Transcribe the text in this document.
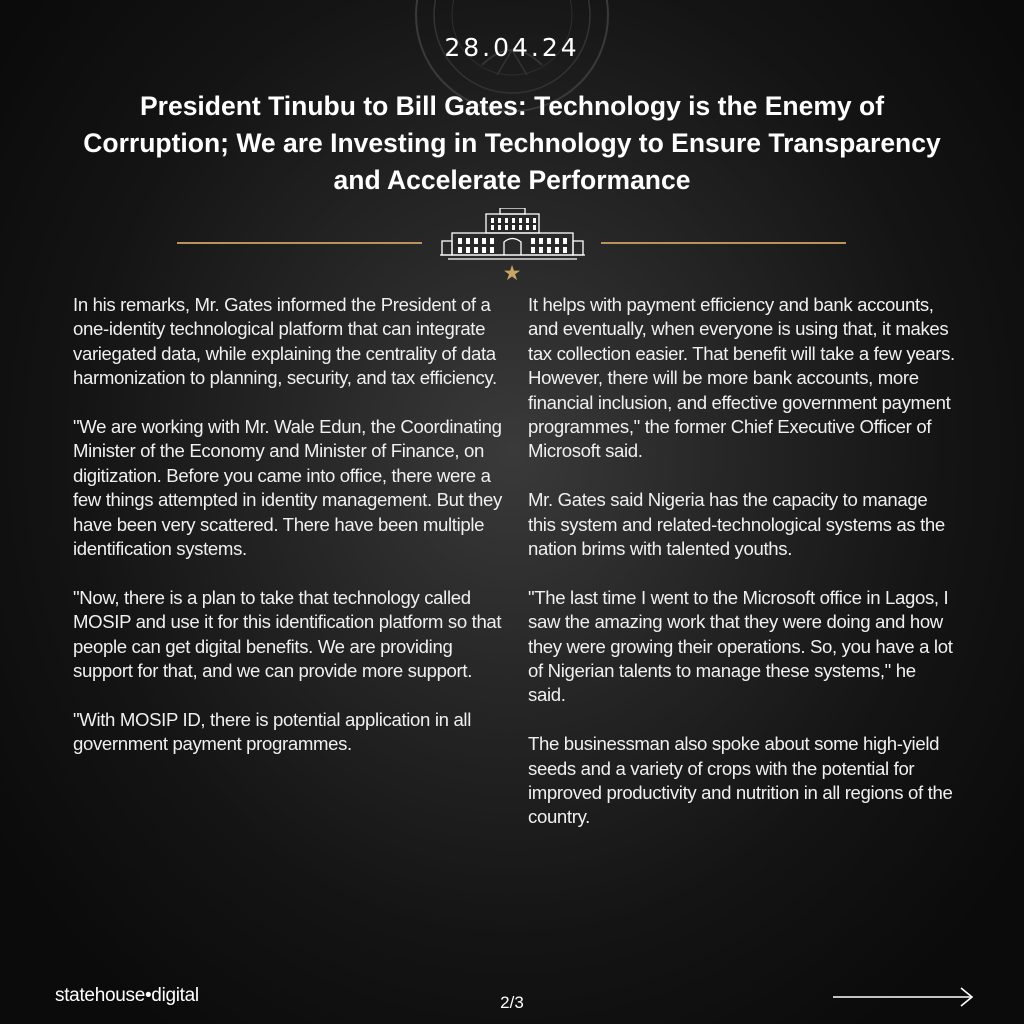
28.04.24
President Tinubu to Bill Gates: Technology is the Enemy of Corruption; We are Investing in Technology to Ensure Transparency and Accelerate Performance
★

In his remarks, Mr. Gates informed the President of a one-identity technological platform that can integrate variegated data, while explaining the centrality of data harmonization to planning, security, and tax efficiency.

"We are working with Mr. Wale Edun, the Coordinating Minister of the Economy and Minister of Finance, on digitization. Before you came into office, there were a few things attempted in identity management. But they have been very scattered. There have been multiple identification systems.

"Now, there is a plan to take that technology called MOSIP and use it for this identification platform so that people can get digital benefits. We are providing support for that, and we can provide more support.

"With MOSIP ID, there is potential application in all government payment programmes.

It helps with payment efficiency and bank accounts, and eventually, when everyone is using that, it makes tax collection easier. That benefit will take a few years. However, there will be more bank accounts, more financial inclusion, and effective government payment programmes," the former Chief Executive Officer of Microsoft said.

Mr. Gates said Nigeria has the capacity to manage this system and related-technological systems as the nation brims with talented youths.

"The last time I went to the Microsoft office in Lagos, I saw the amazing work that they were doing and how they were growing their operations. So, you have a lot of Nigerian talents to manage these systems," he said.

The businessman also spoke about some high-yield seeds and a variety of crops with the potential for improved productivity and nutrition in all regions of the country.

statehouse•digital	2/3
